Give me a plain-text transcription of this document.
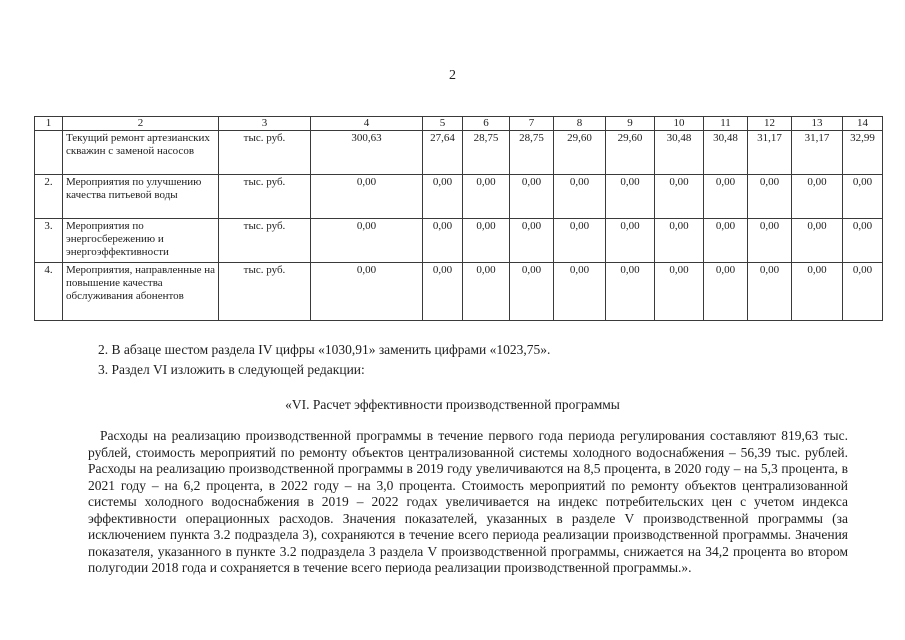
2
1	2	3	4	5	6	7	8	9	10	11	12	13	14
	Текущий ремонт артезианских скважин с заменой насосов	тыс. руб.	300,63	27,64	28,75	28,75	29,60	29,60	30,48	30,48	31,17	31,17	32,99
2.	Мероприятия по улучшению качества питьевой воды	тыс. руб.	0,00	0,00	0,00	0,00	0,00	0,00	0,00	0,00	0,00	0,00	0,00
3.	Мероприятия по энергосбережению и энергоэффективности	тыс. руб.	0,00	0,00	0,00	0,00	0,00	0,00	0,00	0,00	0,00	0,00	0,00
4.	Мероприятия, направленные на повышение качества обслуживания абонентов	тыс. руб.	0,00	0,00	0,00	0,00	0,00	0,00	0,00	0,00	0,00	0,00	0,00

2. В абзаце шестом раздела IV цифры «1030,91» заменить цифрами «1023,75».

3. Раздел VI изложить в следующей редакции:

«VI. Расчет эффективности производственной программы

Расходы на реализацию производственной программы в течение первого года периода регулирования составляют 819,63 тыс. рублей, стоимость мероприятий по ремонту объектов централизованной системы холодного водоснабжения – 56,39 тыс. рублей. Расходы на реализацию производственной программы в 2019 году увеличиваются на 8,5 процента, в 2020 году – на 5,3 процента, в 2021 году – на 6,2 процента, в 2022 году – на 3,0 процента. Стоимость мероприятий по ремонту объектов централизованной системы холодного водоснабжения в 2019 – 2022 годах увеличивается на индекс потребительских цен с учетом индекса эффективности операционных расходов. Значения показателей, указанных в разделе V производственной программы (за исключением пункта 3.2 подраздела 3), сохраняются в течение всего периода реализации производственной программы. Значения показателя, указанного в пункте 3.2 подраздела 3 раздела V производственной программы, снижается на 34,2 процента во втором полугодии 2018 года и сохраняется в течение всего периода реализации производственной программы.».
